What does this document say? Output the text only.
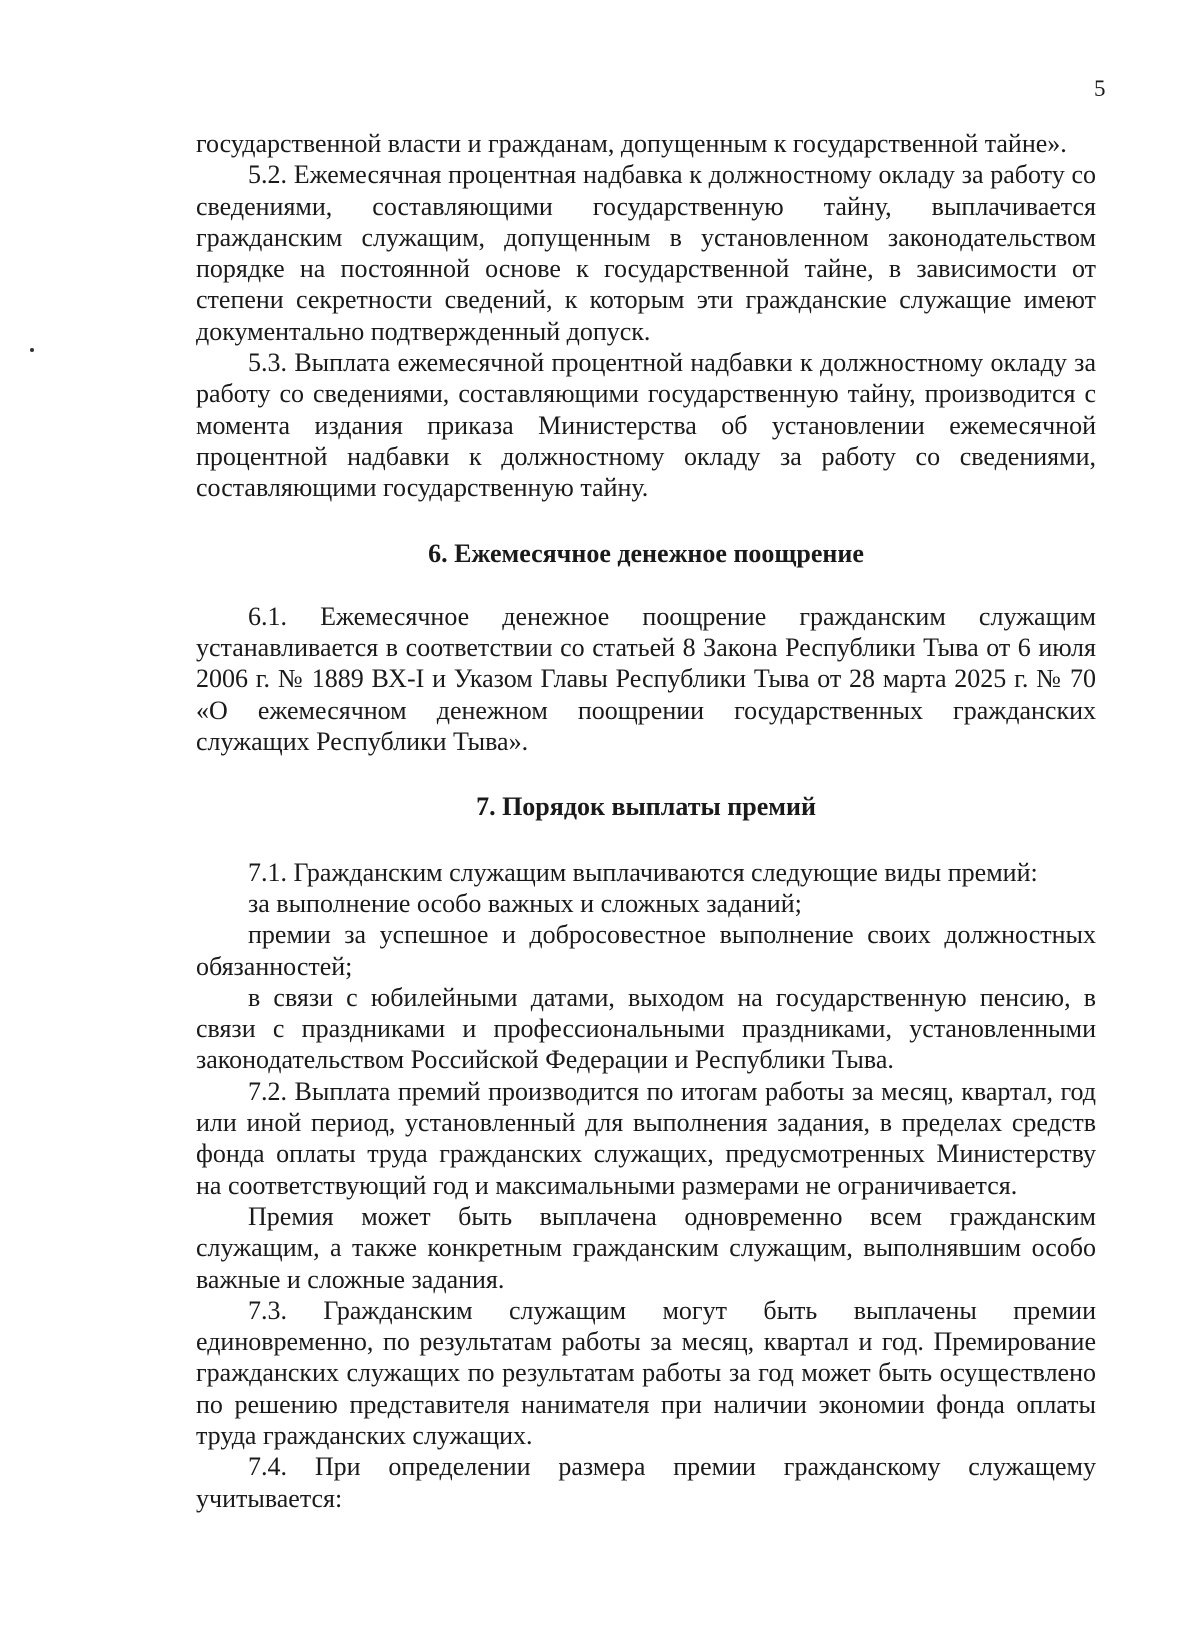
5

государственной власти и гражданам, допущенным к государственной тайне».

5.2. Ежемесячная процентная надбавка к должностному окладу за работу со сведениями, составляющими государственную тайну, выплачивается гражданским служащим, допущенным в установленном законодательством порядке на постоянной основе к государственной тайне, в зависимости от степени секретности сведений, к которым эти гражданские служащие имеют документально подтвержденный допуск.

5.3. Выплата ежемесячной процентной надбавки к должностному окладу за работу со сведениями, составляющими государственную тайну, производится с момента издания приказа Министерства об установлении ежемесячной процентной надбавки к должностному окладу за работу со сведениями, составляющими государственную тайну.

6. Ежемесячное денежное поощрение

6.1. Ежемесячное денежное поощрение гражданским служащим устанавливается в соответствии со статьей 8 Закона Республики Тыва от 6 июля 2006 г. № 1889 ВХ-I и Указом Главы Республики Тыва от 28 марта 2025 г. № 70 «О ежемесячном денежном поощрении государственных гражданских служащих Республики Тыва».

7. Порядок выплаты премий

7.1. Гражданским служащим выплачиваются следующие виды премий:

за выполнение особо важных и сложных заданий;

премии за успешное и добросовестное выполнение своих должностных обязанностей;

в связи с юбилейными датами, выходом на государственную пенсию, в связи с праздниками и профессиональными праздниками, установленными законодательством Российской Федерации и Республики Тыва.

7.2. Выплата премий производится по итогам работы за месяц, квартал, год или иной период, установленный для выполнения задания, в пределах средств фонда оплаты труда гражданских служащих, предусмотренных Министерству на соответствующий год и максимальными размерами не ограничивается.

Премия может быть выплачена одновременно всем гражданским служащим, а также конкретным гражданским служащим, выполнявшим особо важные и сложные задания.

7.3. Гражданским служащим могут быть выплачены премии единовременно, по результатам работы за месяц, квартал и год. Премирование гражданских служащих по результатам работы за год может быть осуществлено по решению представителя нанимателя при наличии экономии фонда оплаты труда гражданских служащих.

7.4. При определении размера премии гражданскому служащему учитывается:
